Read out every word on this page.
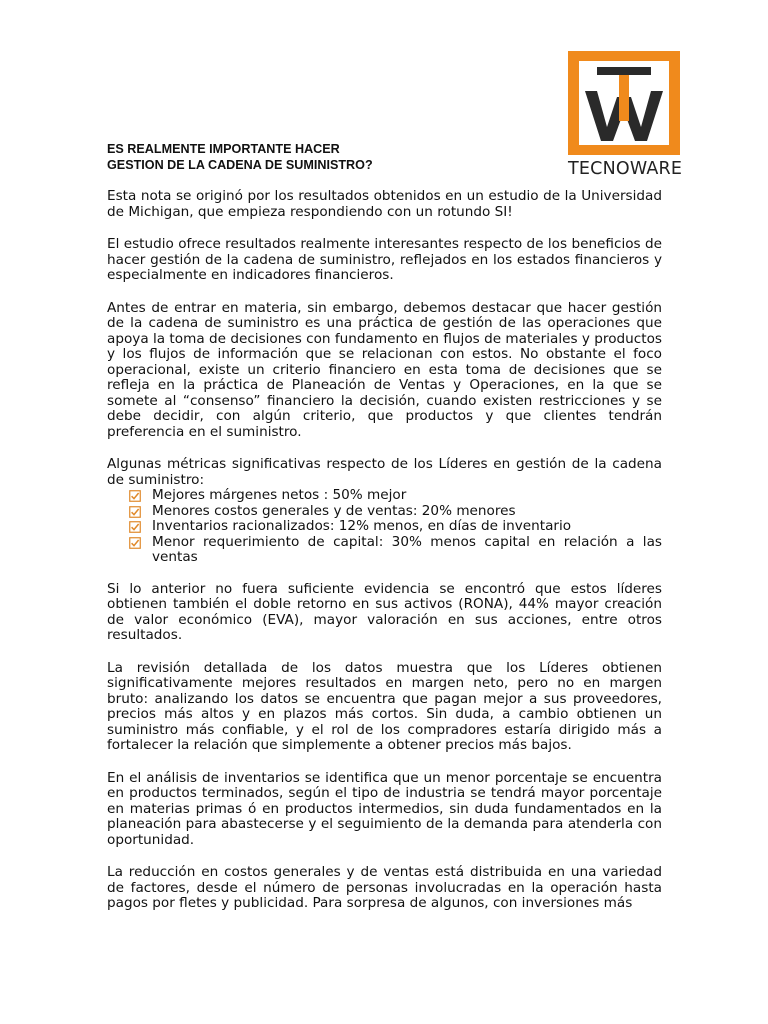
TECNOWARE
ES REALMENTE IMPORTANTE HACER
GESTION DE LA CADENA DE SUMINISTRO?

Esta nota se originó por los resultados obtenidos en un estudio de la Universidad de Michigan, que empieza respondiendo con un rotundo SI!

El estudio ofrece resultados realmente interesantes respecto de los beneficios de hacer gestión de la cadena de suministro, reflejados en los estados financieros y especialmente en indicadores financieros.

Antes de entrar en materia, sin embargo, debemos destacar que hacer gestión de la cadena de suministro es una práctica de gestión de las operaciones que apoya la toma de decisiones con fundamento en flujos de materiales y productos y los flujos de información que se relacionan con estos. No obstante el foco operacional, existe un criterio financiero en esta toma de decisiones que se refleja en la práctica de Planeación de Ventas y Operaciones, en la que se somete al “consenso” financiero la decisión, cuando existen restricciones y se debe decidir, con algún criterio, que productos y que clientes tendrán preferencia en el suministro.

Algunas métricas significativas respecto de los Líderes en gestión de la cadena de suministro:

Mejores márgenes netos : 50% mejor
Menores costos generales y de ventas: 20% menores
Inventarios racionalizados: 12% menos, en días de inventario
Menor requerimiento de capital: 30% menos capital en relación a las ventas

Si lo anterior no fuera suficiente evidencia se encontró que estos líderes obtienen también el doble retorno en sus activos (RONA), 44% mayor creación de valor económico (EVA), mayor valoración en sus acciones, entre otros resultados.

La revisión detallada de los datos muestra que los Líderes obtienen significativamente mejores resultados en margen neto, pero no en margen bruto: analizando los datos se encuentra que pagan mejor a sus proveedores, precios más altos y en plazos más cortos. Sin duda, a cambio obtienen un suministro más confiable, y el rol de los compradores estaría dirigido más a fortalecer la relación que simplemente a obtener precios más bajos.

En el análisis de inventarios se identifica que un menor porcentaje se encuentra en productos terminados, según el tipo de industria se tendrá mayor porcentaje en materias primas ó en productos intermedios, sin duda fundamentados en la planeación para abastecerse y el seguimiento de la demanda para atenderla con oportunidad.

La reducción en costos generales y de ventas está distribuida en una variedad de factores, desde el número de personas involucradas en la operación hasta pagos por fletes y publicidad. Para sorpresa de algunos, con inversiones más
